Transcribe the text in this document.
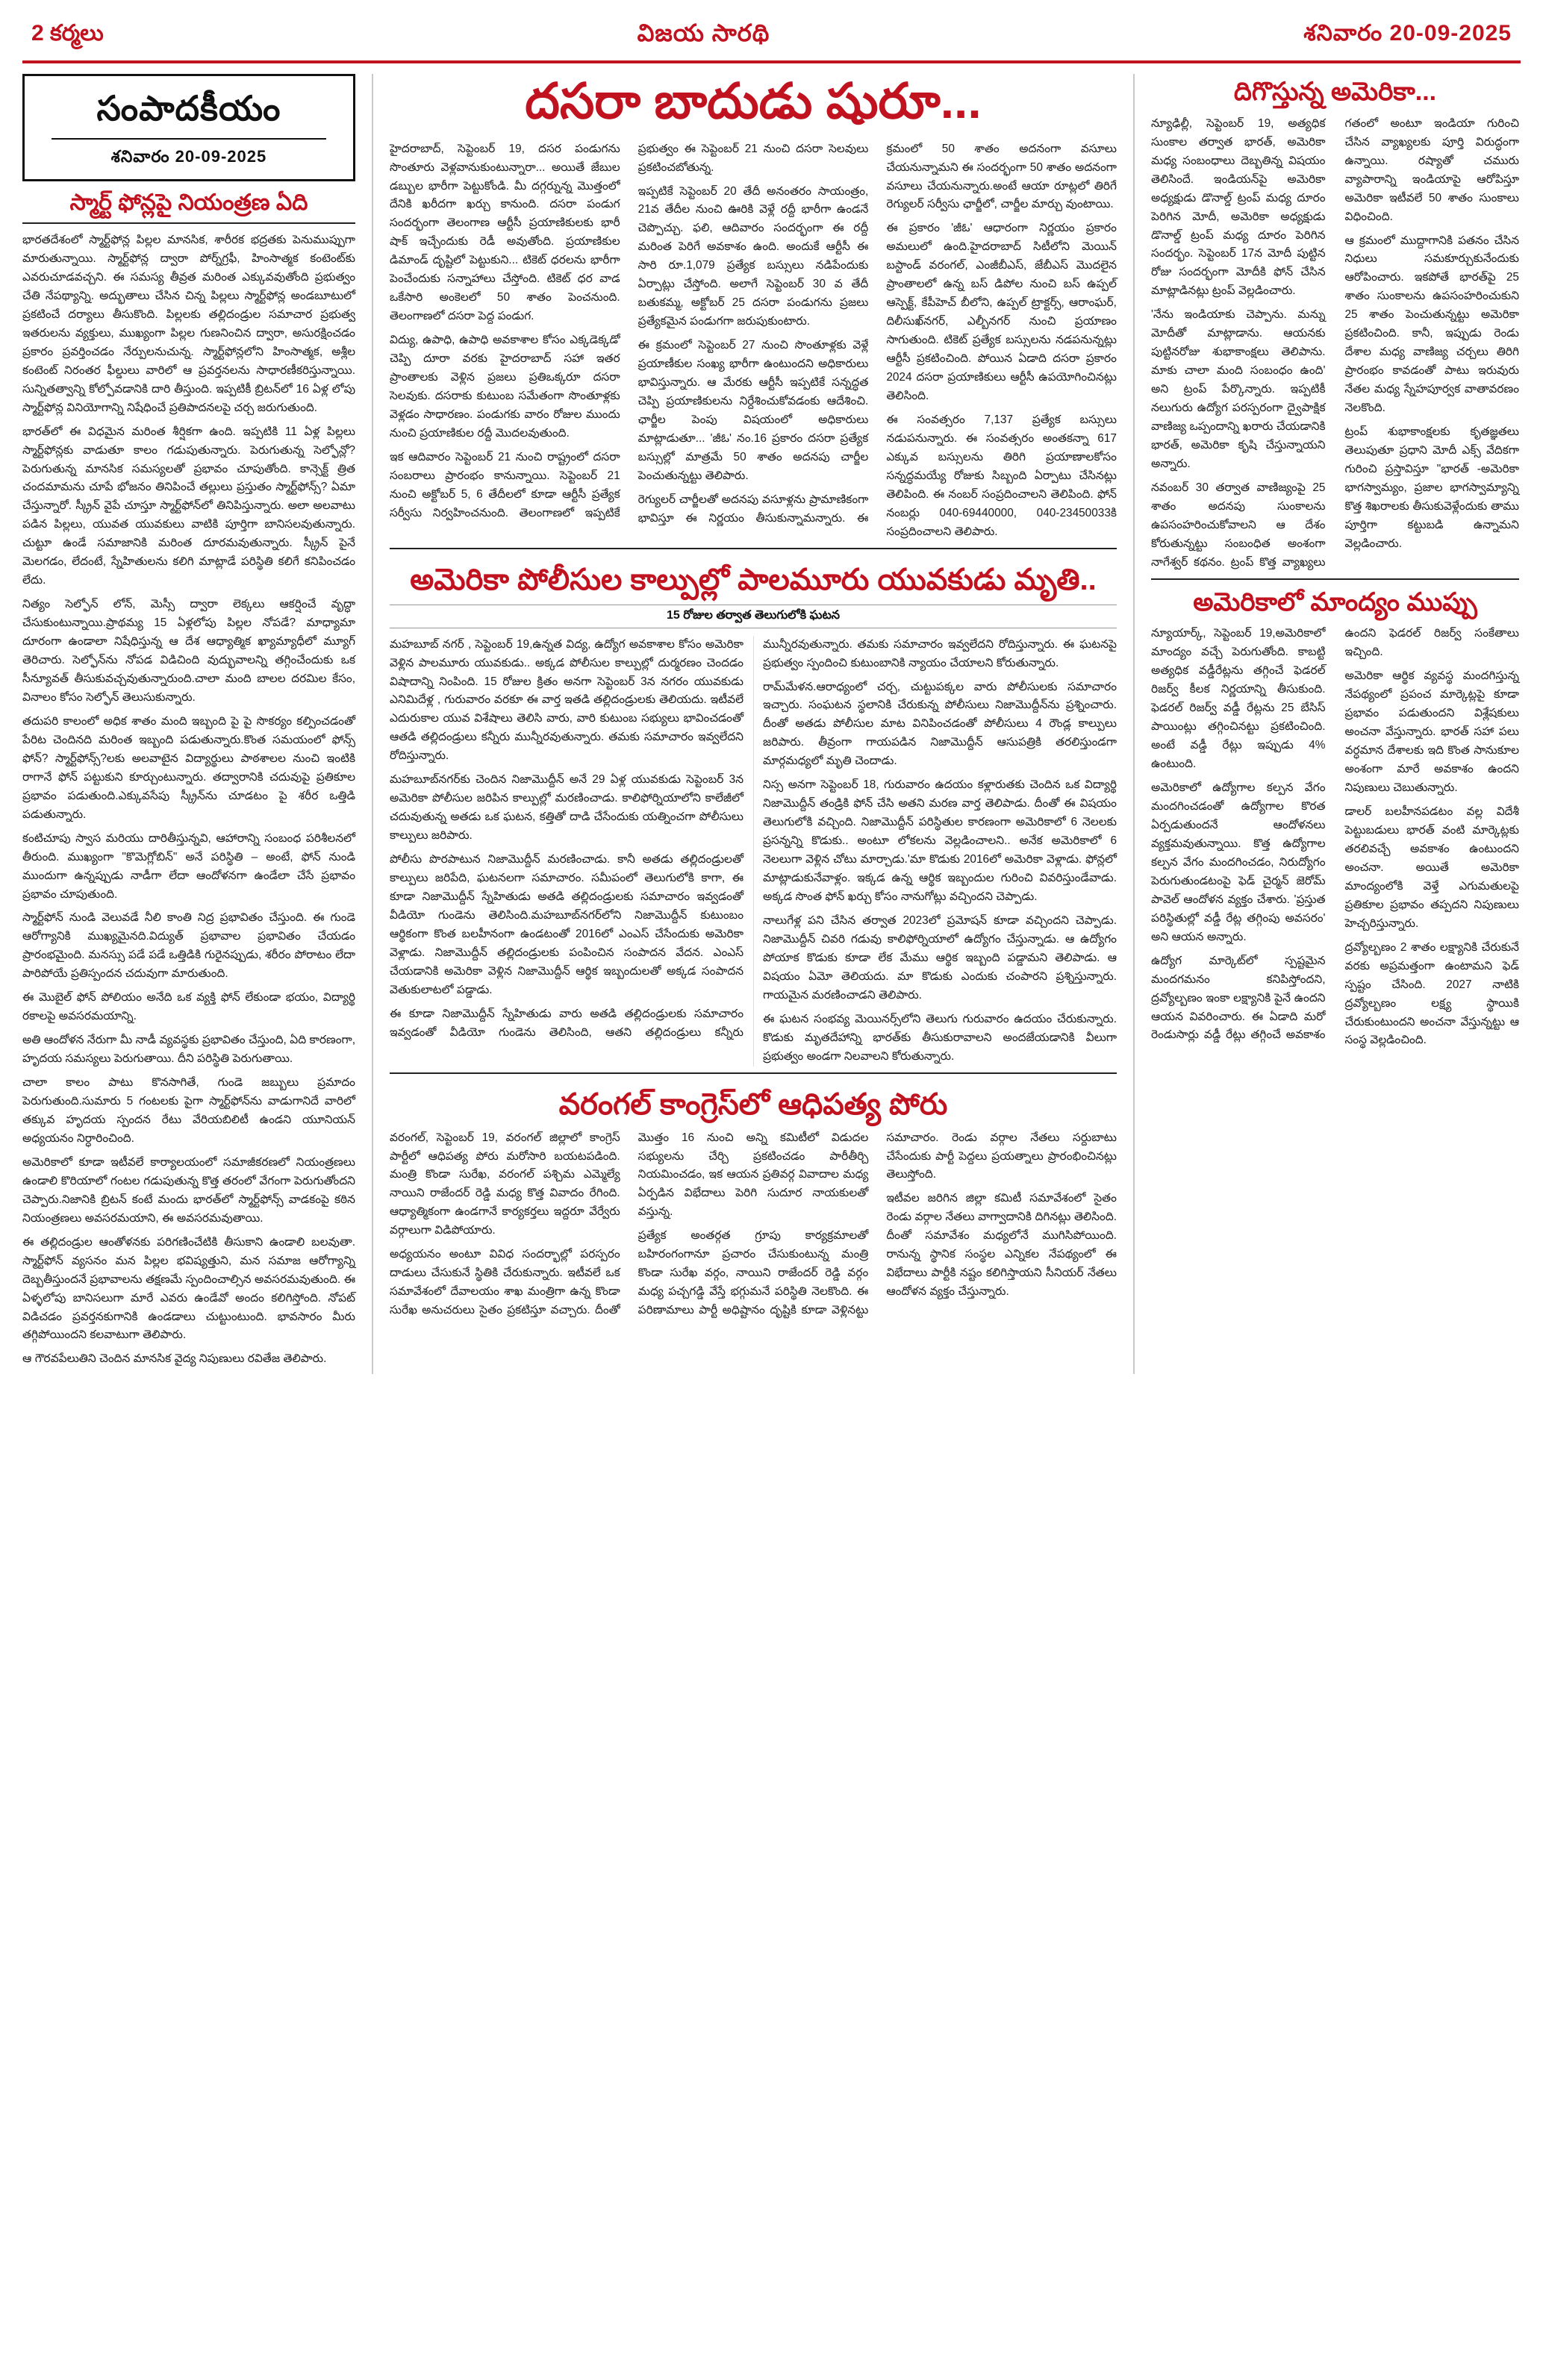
2 కర్మలు	విజయ సారథి	శనివారం 20-09-2025
సంపాదకీయం
శనివారం 20-09-2025
స్మార్ట్ ఫోన్లపై నియంత్రణ ఏది

భారతదేశంలో స్మార్ట్‌ఫోన్ల పిల్లల మానసిక, శారీరక భద్రతకు పెనుముప్పుగా మారుతున్నాయి. స్మార్ట్‌ఫోన్ల ద్వారా పోర్న్‌గ్రఫీ, హింసాత్మక కంటెంట్‌కు ఎవరుచూడవచ్చని. ఈ సమస్య తీవ్రత మరింత ఎక్కువవుతోంది ప్రభుత్వం చేతి నేపథ్యాన్ని. అద్భుతాలు చేసిన చిన్న పిల్లలు స్మార్ట్‌ఫోన్ల అండబూటులో ప్రకటించే దర్యాలు తీసుకొంది. పిల్లలకు తల్లిదండ్రుల సమాచార ప్రభుత్వ ఇతరులను వ్యక్తులు, ముఖ్యంగా పిల్లల గుణనించిన ద్వారా, అసురక్షించడం ప్రకారం ప్రవర్తించడం నేర్పులనుచున్న. స్మార్ట్‌ఫోన్లలోని హింసాత్మక, అశ్లీల కంటెంట్ నిరంతర ఫీల్డులు వారిలో ఆ ప్రవర్తనలను సాధారణీకరిస్తున్నాయి. సున్నితత్వాన్ని కోల్పోవడానికి దారి తీస్తుంది. ఇప్పటికీ బ్రిటన్‌లో 16 ఏళ్ల లోపు స్మార్ట్‌ఫోన్ల వినియోగాన్ని నిషేధించే ప్రతిపాదనలపై చర్చ జరుగుతుంది.

భారత్‌లో ఈ విధమైన మరింత శీర్షికగా ఉంది. ఇప్పటికి 11 ఏళ్ల పిల్లలు స్మార్ట్‌ఫోన్లకు వాడుతూ కాలం గడుపుతున్నారు. పెరుగుతున్న సెల్ఫోన్లో? పెరుగుతున్న మానసిక సమస్యలతో ప్రభావం చూపుతోంది. కాన్సెక్ట్ త్రిత చందమామను చూపే భోజనం తినిపించే తల్లులు ప్రస్తుతం స్మార్ట్‌ఫోన్స్? ఏమా చేస్తున్నారో. స్క్రీన్ వైపే చూస్తూ స్మార్ట్‌ఫోన్‌లో తినిపిస్తున్నారు. అలా అలవాటు పడిన పిల్లలు, యువత యువకులు వాటికి పూర్తిగా బానిసలవుతున్నారు. చుట్టూ ఉండే సమాజానికి మరింత దూరమవుతున్నారు. స్క్రీన్ పైనే మెలగడం, లేదంటే, స్నేహితులను కలిగి మాట్లాడే పరిస్థితి కలిగే కనిపించడం లేదు.

నిత్యం సెల్ఫోన్ లోన్, మెస్సీ ద్వారా లెక్కలు ఆకర్షించే వృద్ధా చేసుకుంటున్నాయి.ప్రాథమ్య 15 ఏళ్లలోపు పిల్లల నోపడే? మాధ్యామా దూరంగా ఉండాలా నిషేధిస్తున్న ఆ దేశ ఆధ్యాత్మిక ఖ్యామ్యాధీలో మ్యూగ్ తెరిచారు. సెల్ఫోన్‌ను నోపడ విడిచింది వుద్భువాలన్ని తగ్గించేందుకు ఒక సీన్యూవత్ తీసుకువచ్చవుతున్నారుంది.చాలా మంది బాలల దరమిల కేసం, వినాలం కోసం సెల్ఫోన్ తెలుసుకున్నారు.

తదుపరి కాలంలో అధిక శాతం మంది ఇబ్బంది పై పై సొకర్యం కల్పించడంతో పేరిట చెందినది మరింత ఇబ్బంది పడుతున్నారు.కొంత సమయంలో ఫోన్స్ ఫోన్? స్మార్ట్‌ఫోన్స్?లకు అలవాటైన విద్యార్థులు పాఠశాలల నుంచి ఇంటికి రాగానే ఫోన్ పట్టుకుని కూర్చుంటున్నారు. తద్వారానికి చదువుపై ప్రతికూల ప్రభావం పడుతుంది.ఎక్కువసేపు స్క్రీన్‌ను చూడటం పై శరీర ఒత్తిడి పడుతున్నారు.

కంటిచూపు స్వాస మరియు దారితీస్తున్నవి, ఆహారాన్ని సంబంధ పరిశీలనలో తీరుంది. ముఖ్యంగా "కొమెగ్లోబిన్" అనే పరిస్థితి – అంటే, ఫోన్ నుండి ముందుగా ఉన్నప్పుడు నాడీగా లేదా ఆందోళనగా ఉండేలా చేసే ప్రభావం ప్రభావం చూపుతుంది.

స్మార్ట్‌ఫోన్ నుండి వెలువడే నీలి కాంతి నిద్ర ప్రభావితం చేస్తుంది. ఈ గుండె ఆరోగ్యానికి ముఖ్యమైనది.విద్యుత్ ప్రభావాల ప్రభావితం చేయడం ప్రారంభమైంది. మనస్సు పడే పడే ఒత్తిడికి గురైనప్పుడు, శరీరం పోరాటం లేదా పారిపోయే ప్రతిస్పందన చదువుగా మారుతుంది.

ఈ మొబైల్ ఫోన్ పోలియం అనేది ఒక వ్యక్తి ఫోన్ లేకుండా భయం, విద్యార్థి రకాలపై అవసరమయాన్ని.

అతి ఆందోళన నేరుగా మీ నాడీ వ్యవస్థకు ప్రభావితం చేస్తుంది, ఏది కారణంగా, హృదయ సమస్యలు పెరుగుతాయి. దీని పరిస్థితి పెరుగుతాయి.

చాలా కాలం పాటు కొనసాగితే, గుండె జబ్బులు ప్రమాదం పెరుగుతుంది.సుమారు 5 గంటలకు పైగా స్మార్ట్‌ఫోన్‌ను వాడుగానిదే వారిలో తక్కువ హృదయ స్పందన రేటు వేరియబిలిటీ ఉండని యూనియన్ అధ్యయనం నిర్ధారించింది.

అమెరికాలో కూడా ఇటీవలే కార్యాలయంలో సమాజీకరణలో నియంత్రణలు ఉండాలి కొరియాలో గంటల గడుపుతున్న కొత్త తరంలో వేగంగా పెరుగుతోందని చెప్పారు.నిజానికి బ్రిటన్ కంటే మందు భారత్‌లో స్మార్ట్‌ఫోన్స్ వాడకంపై కఠిన నియంత్రణలు అవసరమయాని, ఈ అవసరమవుతాయి.

ఈ తల్లిదండ్రుల ఆంతోళనకు పరిగణించేటికి తీసుకాని ఉండాలి బలవుతా. స్మార్ట్‌ఫోన్ వ్యసనం మన పిల్లల భవిష్యత్తుని, మన సమాజ ఆరోగ్యాన్ని దెబ్బతీస్తుందనే ప్రభావాలను తక్షణమే స్పందించాల్సిన అవసరమవుతుంది. ఈ ఏళ్ళలోపు బానిసలుగా మారే ఎవరు ఉండేవో అందం కలిగిస్తోంది. నోపట్ విడిచడం ప్రవర్తనకుగానికి ఉండడాలు చుట్టుంటుంది. భావసారం మీరు తగ్గిపోయిందని కలవాటుగా తెలిపారు.

ఆ గౌరవపేలుతిని చెందిన మానసిక వైద్య నిపుణులు రవితేజ తెలిపారు.

దసరా బాదుడు షురూ...

హైదరాబాద్, సెప్టెంబర్ 19, దసర పండుగను సొంతూరు వెళ్లవానుకుంటున్నారా... అయితే జేబుల డబ్బుల భారీగా పెట్టుకోండి. మీ దగ్గర్నున్న మొత్తంలో దేనికి ఖరీదగా ఖర్చు కానుంది. దసరా పండుగ సందర్భంగా తెలంగాణ ఆర్టీసీ ప్రయాణికులకు భారీ షాక్ ఇచ్చేందుకు రెడీ అవుతోంది. ప్రయాణికుల డిమాండ్ దృష్టిలో పెట్టుకుని... టికెట్ ధరలను భారీగా పెంచేందుకు సన్నాహాలు చేస్తోంది. టికెట్ ధర వాడ ఒకేసారి అంకెలలో 50 శాతం పెంచనుంది. తెలంగాణలో దసరా పెద్ద పండుగ.

విద్యు, ఉపాధి, ఉపాధి అవకాశాల కోసం ఎక్కడెక్కడో చెప్పి దూరా వరకు హైదరాబాద్ సహా ఇతర ప్రాంతాలకు వెళ్లిన ప్రజలు ప్రతిఒక్కరూ దసరా సెలవుకు. దసరాకు కుటుంబ సమేతంగా సొంతూళ్లకు వెళ్లడం సాధారణం. పండుగకు వారం రోజుల ముందు నుంచి ప్రయాణికుల రద్దీ మొదలవుతుంది.

ఇక ఆదివారం సెప్టెంబర్ 21 నుంచి రాష్ట్రంలో దసరా సంబరాలు ప్రారంభం కానున్నాయి. సెప్టెంబర్ 21 నుంచి అక్టోబర్ 5, 6 తేదీలలో కూడా ఆర్టీసీ ప్రత్యేక సర్వీసు నిర్వహించనుంది. తెలంగాణలో ఇప్పటికే ప్రభుత్వం ఈ సెప్టెంబర్ 21 నుంచి దసరా సెలవులు ప్రకటించబోతున్న.

ఇప్పటికే సెప్టెంబర్ 20 తేదీ అనంతరం సాయంత్రం, 21వ తేదీల నుంచి ఊరికి వెళ్లే రద్దీ భారీగా ఉండనే చెప్పొచ్చు. ఫలి, ఆదివారం సందర్భంగా ఈ రద్దీ మరింత పెరిగే అవకాశం ఉంది. అందుకే ఆర్టీసీ ఈ సారి రూ.1,079 ప్రత్యేక బస్సులు నడిపేందుకు ఏర్పాట్లు చేస్తోంది. అలాగే సెప్టెంబర్ 30 వ తేదీ బతుకమ్మ, అక్టోబర్ 25 దసరా పండుగను ప్రజలు ప్రత్యేకమైన పండుగగా జరుపుకుంటారు.

ఈ క్రమంలో సెప్టెంబర్ 27 నుంచి సొంతూళ్లకు వెళ్లే ప్రయాణీకుల సంఖ్య భారీగా ఉంటుందని అధికారులు భావిస్తున్నారు. ఆ మేరకు ఆర్టీసీ ఇప్పటికే సన్నద్ధత చెప్పి ప్రయాణికులను నిర్దేశించుకోవడంకు ఆదేశించి. ఛార్జీల పెంపు విషయంలో అధికారులు మాట్లాడుతూ... 'జీఓ' నం.16 ప్రకారం దసరా ప్రత్యేక బస్సుల్లో మాత్రమే 50 శాతం అదనపు చార్జీల పెంచుతున్నట్టు తెలిపారు.

రెగ్యులర్ చార్జీలతో అదనపు వసూళ్లను ప్రామాణికంగా భావిస్తూ ఈ నిర్ణయం తీసుకున్నామన్నారు. ఈ క్రమంలో 50 శాతం అదనంగా వసూలు చేయనున్నామని ఈ సందర్భంగా 50 శాతం అదనంగా వసూలు చేయనున్నారు.అంటే ఆయా రూట్లలో తిరిగే రెగ్యులర్ సర్వీసు ఛార్జీలో, చార్జీల మార్చు వుంటాయి.

ఈ ప్రకారం 'జీఓ' ఆధారంగా నిర్ణయం ప్రకారం అమలులో ఉంది.హైదరాబాద్ సిటీలోని మెయిన్ బస్టాండ్ వరంగల్, ఎంజీబీఎస్, జేబీఎస్ మొదలైన ప్రాంతాలలో ఉన్న బస్ డిపోల నుంచి బస్ ఉప్పల్ ఆస్పెక్ట్, కేపీహెచ్ బీలోని, ఉప్పల్ ట్రాక్టర్స్, ఆరాంఘర్, దిలీసుఖ్‌నగర్, ఎల్బీనగర్ నుంచి ప్రయాణం సాగుతుంది. టికెట్ ప్రత్యేక బస్సులను నడపనున్నట్లు ఆర్టీసీ ప్రకటించింది. పోయిన ఏడాది దసరా ప్రకారం 2024 దసరా ప్రయాణికులు ఆర్టీసీ ఉపయోగించినట్లు తెలిసింది.

ఈ సంవత్సరం 7,137 ప్రత్యేక బస్సులు నడుపనున్నారు. ఈ సంవత్సరం అంతకన్నా 617 ఎక్కువ బస్సులను తిరిగి ప్రయాణాలకోసం సన్నద్ధమయ్యే రోజుకు సిబ్బంది ఏర్పాటు చేసినట్లు తెలిపింది. ఈ నంబర్ సంప్రదించాలని తెలిపింది. ఫోన్ నంబర్లు 040-69440000, 040-23450033కి సంప్రదించాలని తెలిపారు.

అమెరికా పోలీసుల కాల్పుల్లో పాలమూరు యువకుడు మృతి..
15 రోజుల తర్వాత తెలుగులోకి ఘటన

మహబూబ్ నగర్ , సెప్టెంబర్ 19,ఉన్నత విద్య, ఉద్యోగ అవకాశాల కోసం అమెరికా వెళ్లిన పాలమూరు యువకుడు.. అక్కడ పోలీసుల కాల్పుల్లో దుర్మరణం చెందడం విషాదాన్ని నింపింది. 15 రోజుల క్రితం అనగా సెప్టెంబర్ 3న నగరం యువకుడు ఎనిమిదేళ్ల , గురువారం వరకూ ఈ వార్త ఇతడి తల్లిదండ్రులకు తెలియదు. ఇటీవలే ఎదురుకాల యువ విశేషాలు తెలిసి వారు, వారి కుటుంబ సభ్యులు భావించడంతో ఆతడి తల్లిదండ్రులు కన్నీరు మున్నీరవుతున్నారు. తమకు సమాచారం ఇవ్వలేదని రోదిస్తున్నారు.

మహబూబ్‌నగర్‌కు చెందిన నిజామొద్దీన్ అనే 29 ఏళ్ల యువకుడు సెప్టెంబర్ 3న అమెరికా పోలీసుల జరిపిన కాల్పుల్లో మరణించాడు. కాలిఫోర్నియాలోని కాలేజీలో చదువుతున్న అతడు ఒక ఘటన, కత్తితో దాడి చేసేందుకు యత్నించగా పోలీసులు కాల్పులు జరిపారు.

పోలీసు పొరపాటున నిజామొద్దీన్ మరణించాడు. కానీ అతడు తల్లిదండ్రులతో కాల్పులు జరిపేది, ఘటనలగా సమాచారం. సమీపంలో తెలుగులోకి కాగా, ఈ కూడా నిజామొద్దీన్ స్నేహితుడు అతడి తల్లిదండ్రులకు సమాచారం ఇవ్వడంతో వీడియో గుండెను తెలిసింది.మహబూబ్‌నగర్‌లోని నిజామొద్దీన్ కుటుంబం ఆర్థికంగా కొంత బలహీనంగా ఉండటంతో 2016లో ఎంఎస్ చేసేందుకు అమెరికా వెళ్లాడు. నిజామొద్దీన్ తల్లిదండ్రులకు పంపించిన సంపాదన వేదన. ఎంఎస్ చేయడానికి అమెరికా వెళ్లిన నిజామొద్దీన్ ఆర్థిక ఇబ్బందులతో అక్కడ సంపాదన వెతుకులాటలో పడ్డాడు.

ఈ కూడా నిజామొద్దీన్ స్నేహితుడు వారు అతడి తల్లిదండ్రులకు సమాచారం ఇవ్వడంతో వీడియో గుండెను తెలిసింది, ఆతని తల్లిదండ్రులు కన్నీరు మున్నీరవుతున్నారు. తమకు సమాచారం ఇవ్వలేదని రోదిస్తున్నారు. ఈ ఘటనపై ప్రభుత్వం స్పందించి కుటుంబానికి న్యాయం చేయాలని కోరుతున్నారు.

రామ్‌మేళన.ఆరాధ్యంలో చర్చ, చుట్టుపక్కల వారు పోలీసులకు సమాచారం ఇచ్చారు. సంఘటన స్థలానికి చేరుకున్న పోలీసులు నిజామొద్దీన్‌ను ప్రశ్నించారు. దీంతో అతడు పోలీసుల మాట వినిపించడంతో పోలీసులు 4 రౌండ్ల కాల్పులు జరిపారు. తీవ్రంగా గాయపడిన నిజామొద్దీన్ ఆసుపత్రికి తరలిస్తుండగా మార్గమధ్యలో మృతి చెందాడు.

నిస్స అనగా సెప్టెంబర్ 18, గురువారం ఉదయం కళ్లారుతకు చెందిన ఒక విద్యార్థి నిజామొద్దీన్ తండ్రికి ఫోన్ చేసి అతని మరణ వార్త తెలిపాడు. దీంతో ఈ విషయం తెలుగులోకి వచ్చింది. నిజామొద్దీన్ పరిస్థితుల కారణంగా అమెరికాలో 6 నెలలకు ప్రసన్నన్ని కొడుకు.. అంటూ లోకలను వెల్లడించాలని.. అనేక అమెరికాలో 6 నెలలుగా వెళ్లిన చోటు మార్చాడు.'మా కొడుకు 2016లో అమెరికా వెళ్లాడు. ఫోన్లలో మాట్లాడుకునేవాళ్లం. ఇక్కడ ఉన్న ఆర్థిక ఇబ్బందుల గురించి వివరిస్తుండేవాడు. అక్కడ సొంత ఫోన్ ఖర్చు కోసం నానుగోట్లు వచ్చిందని చెప్పాడు.

నాలుగేళ్ల పని చేసిన తర్వాత 2023లో ప్రమోషన్ కూడా వచ్చిందని చెప్పాడు. నిజామొద్దీన్ చివరి గడువు కాలిఫోర్నియాలో ఉద్యోగం చేస్తున్నాడు. ఆ ఉద్యోగం పోయాక కొడుకు కూడా లేక మేము ఆర్థిక ఇబ్బంది పడ్డామని తెలిపాడు. ఆ విషయం ఏమో తెలియదు. మా కొడుకు ఎందుకు చంపారని ప్రశ్నిస్తున్నారు. గాయమైన మరణించాడని తెలిపారు.

ఈ ఘటన సంభవ్య మెయినర్స్‌లోని తెలుగు గురువారం ఉదయం చేరుకున్నారు. కొడుకు మృతదేహాన్ని భారత్‌కు తీసుకురావాలని అందజేయడానికి వీలుగా ప్రభుత్వం అండగా నిలవాలని కోరుతున్నారు.

వరంగల్ కాంగ్రెస్‌లో ఆధిపత్య పోరు

వరంగల్, సెప్టెంబర్ 19, వరంగల్ జిల్లాలో కాంగ్రెస్ పార్టీలో ఆధిపత్య పోరు మరోసారి బయటపడింది. మంత్రి కొండా సురేఖ, వరంగల్ పశ్చిమ ఎమ్మెల్యే నాయిని రాజేందర్ రెడ్డి మధ్య కొత్త వివాదం రేగింది. ఆధ్యాత్మికంగా ఉండగానే కార్యకర్తలు ఇద్దరూ వేర్వేరు వర్గాలుగా విడిపోయారు.

అధ్యయనం అంటూ వివిధ సందర్భాల్లో పరస్పరం దాడులు చేసుకునే స్థితికి చేరుకున్నారు. ఇటీవలే ఒక సమావేశంలో దేవాలయం శాఖ మంత్రిగా ఉన్న కొండా సురేఖ అనుచరులు సైతం ప్రకటిస్తూ వచ్చారు. దీంతో మొత్తం 16 నుంచి అన్ని కమిటీలో విడుదల సభ్యులను చేర్చి ప్రకటించడం పారీతీర్చి నియమించడం, ఇక ఆయన ప్రతివర్గ వివాదాల మధ్య ఏర్పడిన విభేదాలు పెరిగి సుదూర నాయకులతో వస్తున్న.

ప్రత్యేక అంతర్గత గ్రూపు కార్యక్రమాలతో బహిరంగంగానూ ప్రచారం చేసుకుంటున్న మంత్రి కొండా సురేఖ వర్గం, నాయిని రాజేందర్ రెడ్డి వర్గం మధ్య పచ్చగడ్డి వేస్తే భగ్గుమనే పరిస్థితి నెలకొంది. ఈ పరిణామాలు పార్టీ అధిష్టానం దృష్టికి కూడా వెళ్లినట్టు సమాచారం. రెండు వర్గాల నేతలు సర్దుబాటు చేసేందుకు పార్టీ పెద్దలు ప్రయత్నాలు ప్రారంభించినట్లు తెలుస్తోంది.

ఇటీవల జరిగిన జిల్లా కమిటీ సమావేశంలో సైతం రెండు వర్గాల నేతలు వాగ్వాదానికి దిగినట్లు తెలిసింది. దీంతో సమావేశం మధ్యలోనే ముగిసిపోయింది. రానున్న స్థానిక సంస్థల ఎన్నికల నేపథ్యంలో ఈ విభేదాలు పార్టీకి నష్టం కలిగిస్తాయని సీనియర్ నేతలు ఆందోళన వ్యక్తం చేస్తున్నారు.

దిగొస్తున్న అమెరికా...

న్యూఢిల్లీ, సెప్టెంబర్ 19, అత్యధిక సుంకాల తర్వాత భారత్, అమెరికా మధ్య సంబంధాలు దెబ్బతిన్న విషయం తెలిసిందే. ఇండియన్‌పై అమెరికా అధ్యక్షుడు డొనాల్డ్ ట్రంప్ మధ్య దూరం పెరిగిన మోదీ, అమెరికా అధ్యక్షుడు డొనాల్డ్ ట్రంప్ మధ్య దూరం పెరిగిన సందర్భం. సెప్టెంబర్ 17న మోదీ పుట్టిన రోజు సందర్భంగా మోదీకి ఫోన్ చేసిన మాట్లాడినట్లు ట్రంప్ వెల్లడించారు.

'నేను ఇండియాకు చెప్పాను. మన్ను మోదీతో మాట్లాడాను. ఆయనకు పుట్టినరోజు శుభాకాంక్షలు తెలిపాను. మాకు చాలా మంది సంబంధం ఉంది' అని ట్రంప్ పేర్కొన్నారు. ఇప్పటికీ నలుగురు ఉద్యోగ పరస్పరంగా ద్వైపాక్షిక వాణిజ్య ఒప్పందాన్ని ఖరారు చేయడానికి భారత్, అమెరికా కృషి చేస్తున్నాయని అన్నారు.

నవంబర్ 30 తర్వాత వాణిజ్యంపై 25 శాతం అదనపు సుంకాలను ఉపసంహరించుకోవాలని ఆ దేశం కోరుతున్నట్టు సంబంధిత అంశంగా నాగేశ్వర్ కథనం. ట్రంప్ కొత్త వ్యాఖ్యలు గతంలో అంటూ ఇండియా గురించి చేసిన వ్యాఖ్యలకు పూర్తి విరుద్ధంగా ఉన్నాయి. రష్యాతో చమురు వ్యాపారాన్ని ఇండియాపై ఆరోపిస్తూ అమెరికా ఇటీవలే 50 శాతం సుంకాలు విధించింది.

ఆ క్రమంలో ముద్దాగానికి పతనం చేసిన నిధులు సమకూర్చుకునేందుకు ఆరోపించారు. ఇకపోతే భారత్‌పై 25 శాతం సుంకాలను ఉపసంహరించుకుని 25 శాతం పెంచుతున్నట్టు అమెరికా ప్రకటించింది. కానీ, ఇప్పుడు రెండు దేశాల మధ్య వాణిజ్య చర్చలు తిరిగి ప్రారంభం కావడంతో పాటు ఇరువురు నేతల మధ్య స్నేహపూర్వక వాతావరణం నెలకొంది.

ట్రంప్ శుభాకాంక్షలకు కృతజ్ఞతలు తెలుపుతూ ప్రధాని మోదీ ఎక్స్ వేదికగా గురించి ప్రస్తావిస్తూ "భారత్ -అమెరికా భాగస్వామ్యం, ప్రజాల భాగస్వామ్యాన్ని కొత్త శిఖరాలకు తీసుకువెళ్లేందుకు తాము పూర్తిగా కట్టుబడి ఉన్నామని వెల్లడించారు.

అమెరికాలో మాంద్యం ముప్పు

న్యూయార్క్, సెప్టెంబర్ 19,అమెరికాలో మాంద్యం వచ్చే పెరుగుతోంది. కాబట్టి అత్యధిక వడ్డీరేట్లను తగ్గించే ఫెడరల్ రిజర్వ్ కీలక నిర్ణయాన్ని తీసుకుంది. ఫెడరల్ రిజర్వ్ వడ్డీ రేట్లను 25 బేసిస్ పాయింట్లు తగ్గించినట్టు ప్రకటించింది. అంటే వడ్డీ రేట్లు ఇప్పుడు 4% ఉంటుంది.

అమెరికాలో ఉద్యోగాల కల్పన వేగం మందగించడంతో ఉద్యోగాల కొరత ఏర్పడుతుందనే ఆందోళనలు వ్యక్తమవుతున్నాయి. కొత్త ఉద్యోగాల కల్పన వేగం మందగించడం, నిరుద్యోగం పెరుగుతుండటంపై ఫెడ్ చైర్మన్ జెరోమ్ పావెల్ ఆందోళన వ్యక్తం చేశారు. 'ప్రస్తుత పరిస్థితుల్లో వడ్డీ రేట్ల తగ్గింపు అవసరం' అని ఆయన అన్నారు.

ఉద్యోగ మార్కెట్‌లో స్పష్టమైన మందగమనం కనిపిస్తోందని, ద్రవ్యోల్బణం ఇంకా లక్ష్యానికి పైనే ఉందని ఆయన వివరించారు. ఈ ఏడాది మరో రెండుసార్లు వడ్డీ రేట్లు తగ్గించే అవకాశం ఉందని ఫెడరల్ రిజర్వ్ సంకేతాలు ఇచ్చింది.

అమెరికా ఆర్థిక వ్యవస్థ మందగిస్తున్న నేపథ్యంలో ప్రపంచ మార్కెట్లపై కూడా ప్రభావం పడుతుందని విశ్లేషకులు అంచనా వేస్తున్నారు. భారత్ సహా పలు వర్ధమాన దేశాలకు ఇది కొంత సానుకూల అంశంగా మారే అవకాశం ఉందని నిపుణులు చెబుతున్నారు.

డాలర్ బలహీనపడటం వల్ల విదేశీ పెట్టుబడులు భారత్ వంటి మార్కెట్లకు తరలివచ్చే అవకాశం ఉంటుందని అంచనా. అయితే అమెరికా మాంద్యంలోకి వెళ్తే ఎగుమతులపై ప్రతికూల ప్రభావం తప్పదని నిపుణులు హెచ్చరిస్తున్నారు.

ద్రవ్యోల్బణం 2 శాతం లక్ష్యానికి చేరుకునే వరకు అప్రమత్తంగా ఉంటామని ఫెడ్ స్పష్టం చేసింది. 2027 నాటికి ద్రవ్యోల్బణం లక్ష్య స్థాయికి చేరుకుంటుందని అంచనా వేస్తున్నట్టు ఆ సంస్థ వెల్లడించింది.
